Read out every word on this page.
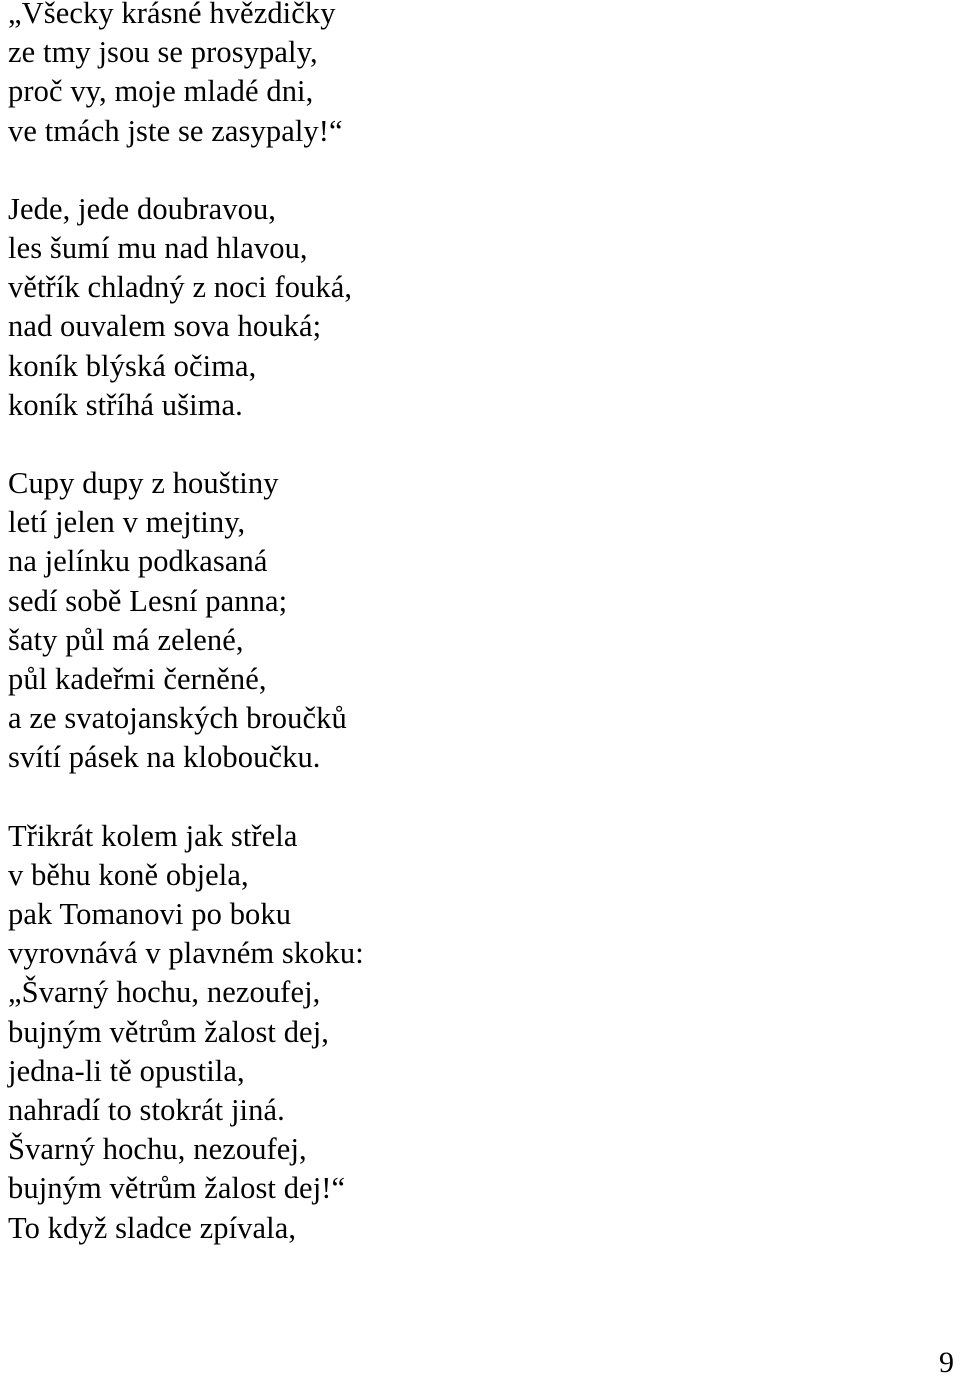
„Všecky krásné hvězdičky
ze tmy jsou se prosypaly,
proč vy, moje mladé dni,
ve tmách jste se zasypaly!“
Jede, jede doubravou,
les šumí mu nad hlavou,
větřík chladný z noci fouká,
nad ouvalem sova houká;
koník blýská očima,
koník stříhá ušima.
Cupy dupy z houštiny
letí jelen v mejtiny,
na jelínku podkasaná
sedí sobě Lesní panna;
šaty půl má zelené,
půl kadeřmi černěné,
a ze svatojanských broučků
svítí pásek na kloboučku.
Třikrát kolem jak střela
v běhu koně objela,
pak Tomanovi po boku
vyrovnává v plavném skoku:
„Švarný hochu, nezoufej,
bujným větrům žalost dej,
jedna-li tě opustila,
nahradí to stokrát jiná.
Švarný hochu, nezoufej,
bujným větrům žalost dej!“
To když sladce zpívala,
9
